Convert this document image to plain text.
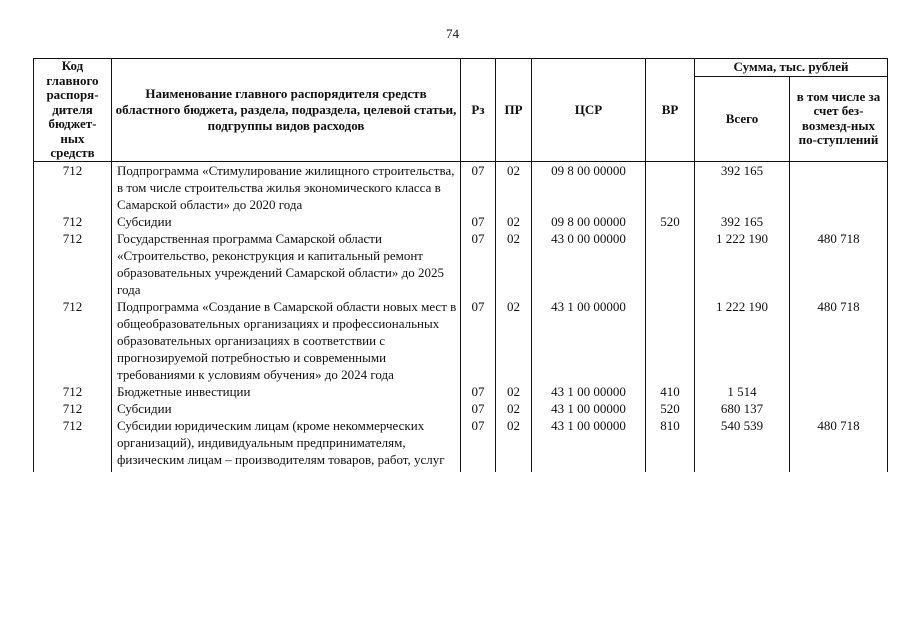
74
Код главного распоря-дителя бюджет-ных средств	Наименование главного распорядителя средств областного бюджета, раздела, подраздела, целевой статьи, подгруппы видов расходов	Рз	ПР	ЦСР	ВР	Сумма, тыс. рублей	
						Всего	в том числе за счет без-возмезд-ных по-ступлений
712	Подпрограмма «Стимулирование жилищного строительства, в том числе строительства жилья экономического класса в Самарской области» до 2020 года	07	02	09 8 00 00000		392 165	
712	Субсидии	07	02	09 8 00 00000	520	392 165	
712	Государственная программа Самарской области «Строительство, реконструкция и капитальный ремонт образовательных учреждений Самарской области» до 2025 года	07	02	43 0 00 00000		1 222 190	480 718
712	Подпрограмма «Создание в Самарской области новых мест в общеобразовательных организациях и профессиональных образовательных организациях в соответствии с прогнозируемой потребностью и современными требованиями к условиям обучения» до 2024 года	07	02	43 1 00 00000		1 222 190	480 718
712	Бюджетные инвестиции	07	02	43 1 00 00000	410	1 514	
712	Субсидии	07	02	43 1 00 00000	520	680 137	
712	Субсидии юридическим лицам (кроме некоммерческих организаций), индивидуальным предпринимателям, физическим лицам – производителям товаров, работ, услуг	07	02	43 1 00 00000	810	540 539	480 718
